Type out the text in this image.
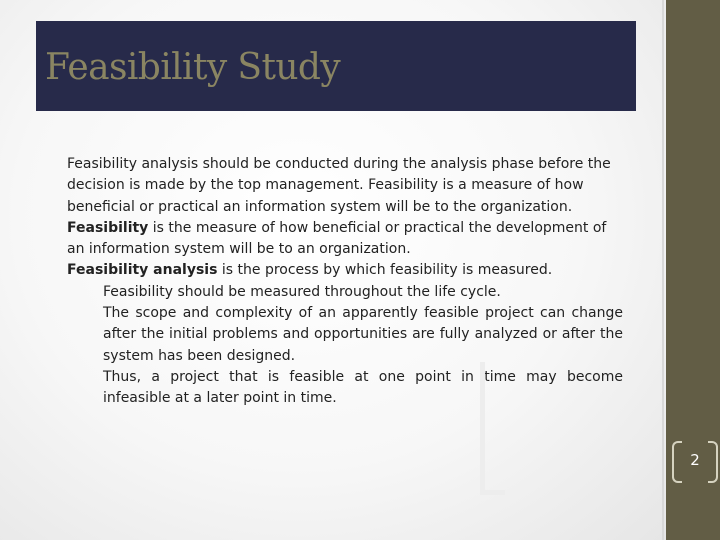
Feasibility Study

Feasibility analysis should be conducted during the analysis phase before the decision is made by the top management. Feasibility is a measure of how beneficial or practical an information system will be to the organization.

Feasibility is the measure of how beneficial or practical the development of an information system will be to an organization.

Feasibility analysis is the process by which feasibility is measured.

Feasibility should be measured throughout the life cycle.

The scope and complexity of an apparently feasible project can change after the initial problems and opportunities are fully analyzed or after the system has been designed.

Thus, a project that is feasible at one point in time may become infeasible at a later point in time.

2
